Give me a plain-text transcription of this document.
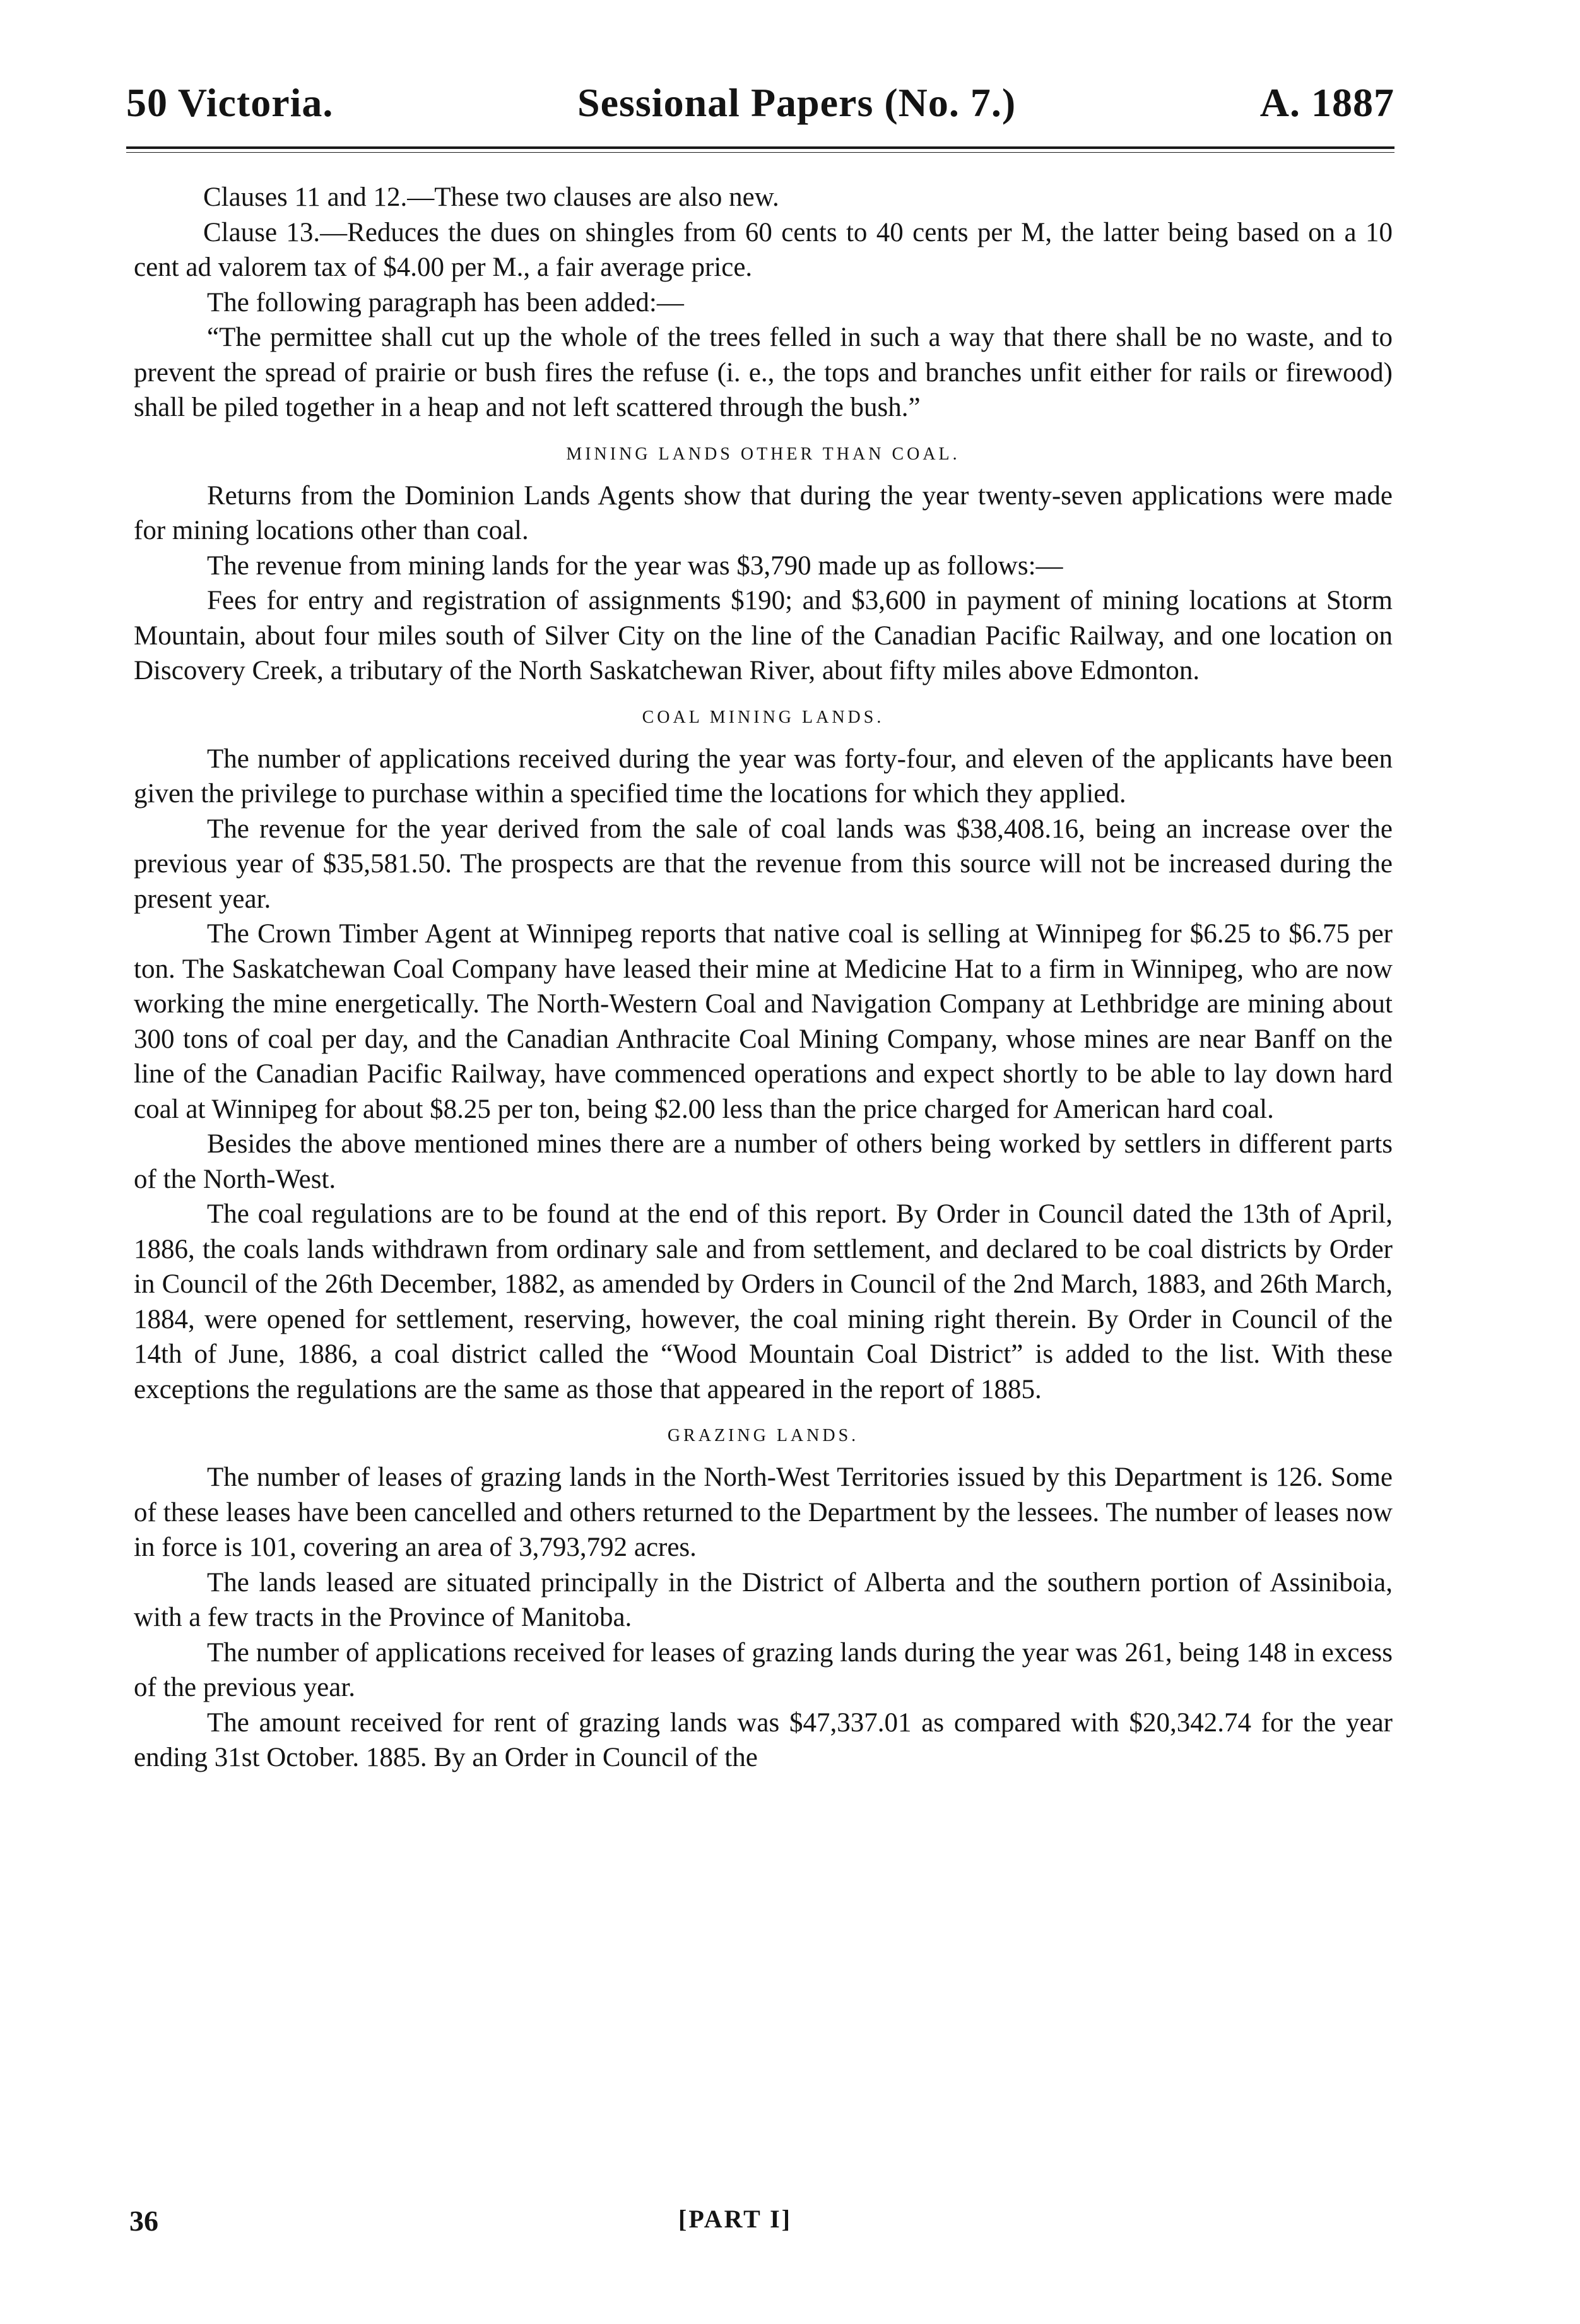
50 Victoria.	Sessional Papers (No. 7.)	A. 1887

Clauses 11 and 12.—These two clauses are also new.

Clause 13.—Reduces the dues on shingles from 60 cents to 40 cents per M, the latter being based on a 10 cent ad valorem tax of $4.00 per M., a fair average price.

The following paragraph has been added:—

“The permittee shall cut up the whole of the trees felled in such a way that there shall be no waste, and to prevent the spread of prairie or bush fires the refuse (i. e., the tops and branches unfit either for rails or firewood) shall be piled together in a heap and not left scattered through the bush.”

MINING LANDS OTHER THAN COAL.

Returns from the Dominion Lands Agents show that during the year twenty-seven applications were made for mining locations other than coal.

The revenue from mining lands for the year was $3,790 made up as follows:—

Fees for entry and registration of assignments $190; and $3,600 in payment of mining locations at Storm Mountain, about four miles south of Silver City on the line of the Canadian Pacific Railway, and one location on Discovery Creek, a tributary of the North Saskatchewan River, about fifty miles above Edmonton.

COAL MINING LANDS.

The number of applications received during the year was forty-four, and eleven of the applicants have been given the privilege to purchase within a specified time the locations for which they applied.

The revenue for the year derived from the sale of coal lands was $38,408.16, being an increase over the previous year of $35,581.50. The prospects are that the revenue from this source will not be increased during the present year.

The Crown Timber Agent at Winnipeg reports that native coal is selling at Winnipeg for $6.25 to $6.75 per ton. The Saskatchewan Coal Company have leased their mine at Medicine Hat to a firm in Winnipeg, who are now working the mine energetically. The North-Western Coal and Navigation Company at Lethbridge are mining about 300 tons of coal per day, and the Canadian Anthracite Coal Mining Company, whose mines are near Banff on the line of the Canadian Pacific Railway, have commenced operations and expect shortly to be able to lay down hard coal at Winnipeg for about $8.25 per ton, being $2.00 less than the price charged for American hard coal.

Besides the above mentioned mines there are a number of others being worked by settlers in different parts of the North-West.

The coal regulations are to be found at the end of this report. By Order in Council dated the 13th of April, 1886, the coals lands withdrawn from ordinary sale and from settlement, and declared to be coal districts by Order in Council of the 26th December, 1882, as amended by Orders in Council of the 2nd March, 1883, and 26th March, 1884, were opened for settlement, reserving, however, the coal mining right therein. By Order in Council of the 14th of June, 1886, a coal district called the “Wood Mountain Coal District” is added to the list. With these exceptions the regulations are the same as those that appeared in the report of 1885.

GRAZING LANDS.

The number of leases of grazing lands in the North-West Territories issued by this Department is 126. Some of these leases have been cancelled and others returned to the Department by the lessees. The number of leases now in force is 101, covering an area of 3,793,792 acres.

The lands leased are situated principally in the District of Alberta and the southern portion of Assiniboia, with a few tracts in the Province of Manitoba.

The number of applications received for leases of grazing lands during the year was 261, being 148 in excess of the previous year.

The amount received for rent of grazing lands was $47,337.01 as compared with $20,342.74 for the year ending 31st October. 1885. By an Order in Council of the

36	[PART I]
